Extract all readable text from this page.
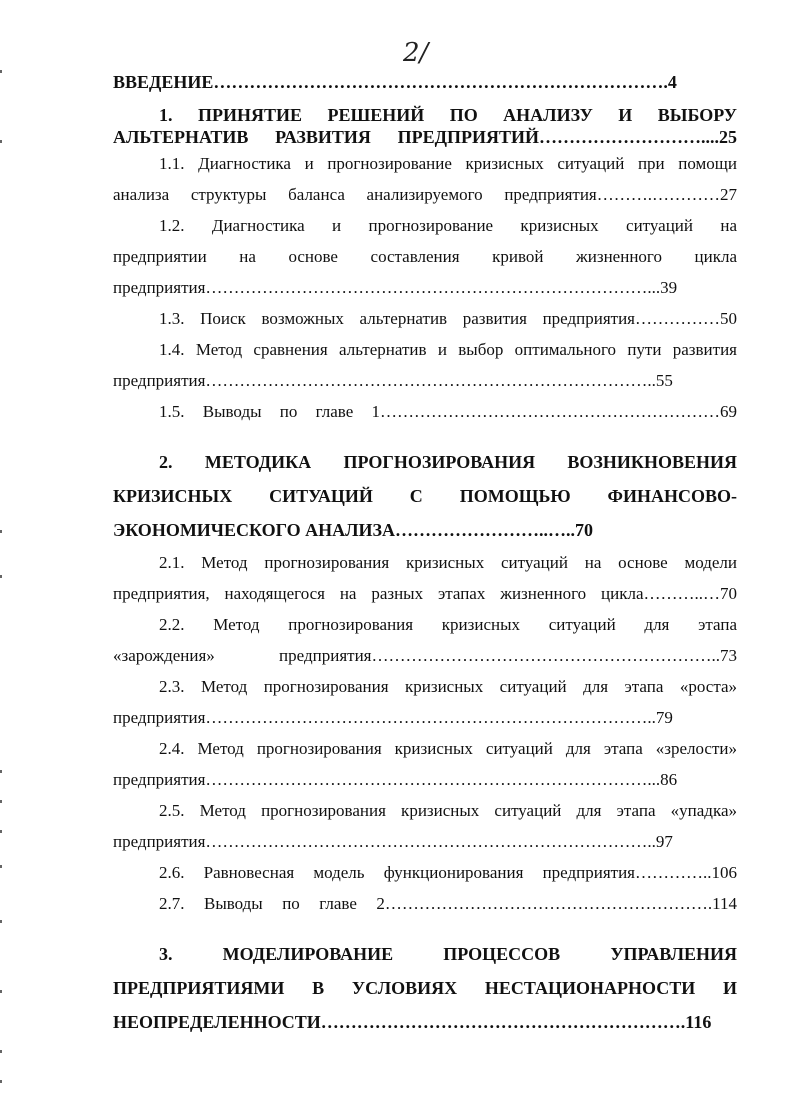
2/
ВВЕДЕНИЕ………………………………………………………………….4
1. ПРИНЯТИЕ РЕШЕНИЙ ПО АНАЛИЗУ И ВЫБОРУ
АЛЬТЕРНАТИВ РАЗВИТИЯ ПРЕДПРИЯТИЙ………………………....25
1.1. Диагностика и прогнозирование кризисных ситуаций при помощи
анализа структуры баланса анализируемого предприятия……….…………27
1.2. Диагностика и прогнозирование кризисных ситуаций на
предприятии на основе составления кривой жизненного цикла
предприятия……………………………………………………………………...39
1.3. Поиск возможных альтернатив развития предприятия……………50
1.4. Метод сравнения альтернатив и выбор оптимального пути развития
предприятия……………………………………………………………………..55
1.5. Выводы по главе 1……………………………………………………69
2. МЕТОДИКА ПРОГНОЗИРОВАНИЯ ВОЗНИКНОВЕНИЯ
КРИЗИСНЫХ СИТУАЦИЙ С ПОМОЩЬЮ ФИНАНСОВО-
ЭКОНОМИЧЕСКОГО АНАЛИЗА……………………..…..70
2.1. Метод прогнозирования кризисных ситуаций на основе модели
предприятия, находящегося на разных этапах жизненного цикла………..…70
2.2. Метод прогнозирования кризисных ситуаций для этапа
«зарождения» предприятия……………………………………………………..73
2.3. Метод прогнозирования кризисных ситуаций для этапа «роста»
предприятия……………………………………………………………………..79
2.4. Метод прогнозирования кризисных ситуаций для этапа «зрелости»
предприятия……………………………………………………………………...86
2.5. Метод прогнозирования кризисных ситуаций для этапа «упадка»
предприятия……………………………………………………………………..97
2.6. Равновесная модель функционирования предприятия…………..106
2.7. Выводы по главе 2………………………………………………….114
3. МОДЕЛИРОВАНИЕ ПРОЦЕССОВ УПРАВЛЕНИЯ
ПРЕДПРИЯТИЯМИ В УСЛОВИЯХ НЕСТАЦИОНАРНОСТИ И
НЕОПРЕДЕЛЕННОСТИ…………………………………………………….116
